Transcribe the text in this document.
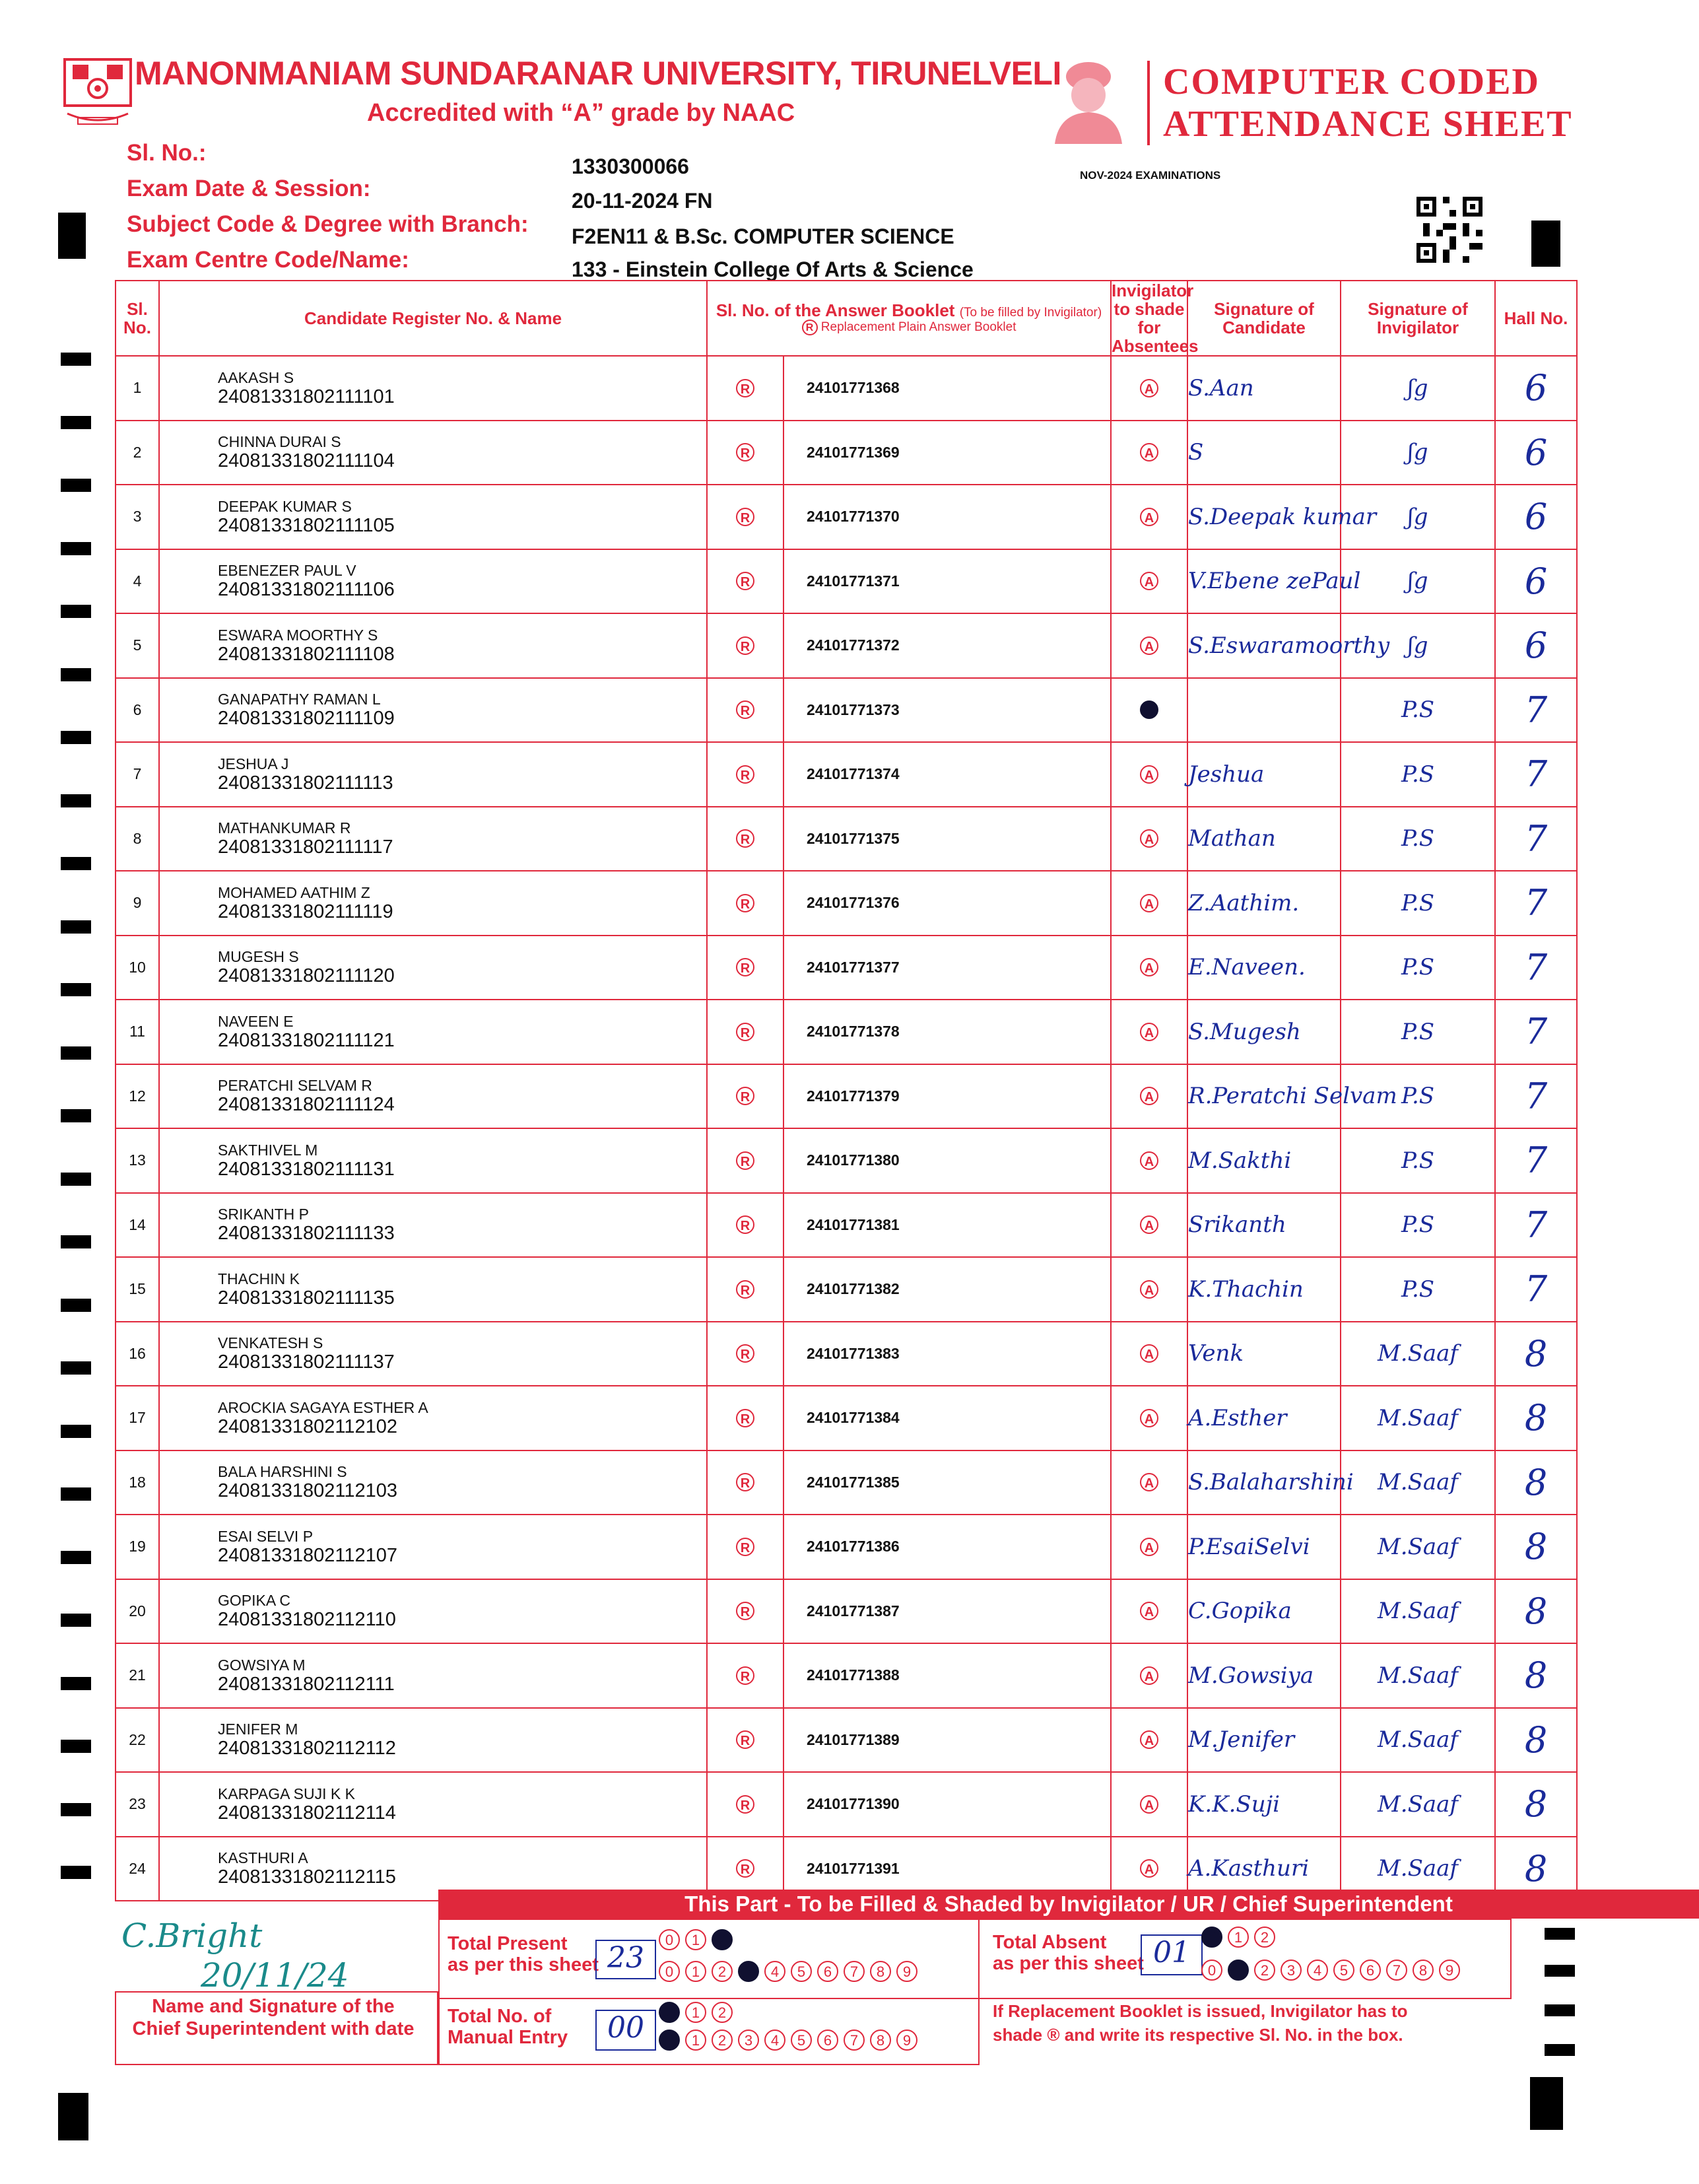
MANONMANIAM SUNDARANAR UNIVERSITY, TIRUNELVELI
Accredited with “A” grade by NAAC
COMPUTER CODED
ATTENDANCE SHEET
Sl. No.:
1330300066
Exam Date & Session:	20-11-2024 FN
Subject Code & Degree with Branch: F2EN11 & B.Sc. COMPUTER SCIENCE
Exam Centre Code/Name:	133 - Einstein College Of Arts & Science
NOV-2024 EXAMINATIONS
Sl. No.	Candidate Register No. & Name	Sl. No. of the Answer Booklet (To be filled by Invigilator)
R Replacement Plain Answer Booklet		Invigilator to shade for Absentees	Signature of Candidate	Signature of Invigilator	Hall No.
1	AAKASH S
24081331802111101	R	24101771368	A	S.Aan	ʃg	6
2	CHINNA DURAI S
24081331802111104	R	24101771369	A	S	ʃg	6
3	DEEPAK KUMAR S
24081331802111105	R	24101771370	A	S.Deepak kumar	ʃg	6
4	EBENEZER PAUL V
24081331802111106	R	24101771371	A	V.Ebene zePaul	ʃg	6
5	ESWARA MOORTHY S
24081331802111108	R	24101771372	A	S.Eswaramoorthy	ʃg	6
6	GANAPATHY RAMAN L
24081331802111109	R	24101771373	A		P.S	7
7	JESHUA J
24081331802111113	R	24101771374	A	Jeshua	P.S	7
8	MATHANKUMAR R
24081331802111117	R	24101771375	A	Mathan	P.S	7
9	MOHAMED AATHIM Z
24081331802111119	R	24101771376	A	Z.Aathim.	P.S	7
10	MUGESH S
24081331802111120	R	24101771377	A	E.Naveen.	P.S	7
11	NAVEEN E
24081331802111121	R	24101771378	A	S.Mugesh	P.S	7
12	PERATCHI SELVAM R
24081331802111124	R	24101771379	A	R.Peratchi Selvam	P.S	7
13	SAKTHIVEL M
24081331802111131	R	24101771380	A	M.Sakthi	P.S	7
14	SRIKANTH P
24081331802111133	R	24101771381	A	Srikanth	P.S	7
15	THACHIN K
24081331802111135	R	24101771382	A	K.Thachin	P.S	7
16	VENKATESH S
24081331802111137	R	24101771383	A	Venk	M.Saaf	8
17	AROCKIA SAGAYA ESTHER A
24081331802112102	R	24101771384	A	A.Esther	M.Saaf	8
18	BALA HARSHINI S
24081331802112103	R	24101771385	A	S.Balaharshini	M.Saaf	8
19	ESAI SELVI P
24081331802112107	R	24101771386	A	P.EsaiSelvi	M.Saaf	8
20	GOPIKA C
24081331802112110	R	24101771387	A	C.Gopika	M.Saaf	8
21	GOWSIYA M
24081331802112111	R	24101771388	A	M.Gowsiya	M.Saaf	8
22	JENIFER M
24081331802112112	R	24101771389	A	M.Jenifer	M.Saaf	8
23	KARPAGA SUJI K K
24081331802112114	R	24101771390	A	K.K.Suji	M.Saaf	8
24	KASTHURI A
24081331802112115	R	24101771391	A	A.Kasthuri	M.Saaf	8
This Part - To be Filled & Shaded by Invigilator / UR / Chief Superintendent
C.Bright
20/11/24
Name and Signature of the
Chief Superintendent with date
Total Present
as per this sheet 23
0	1	2
0	1	2	3	4	5	6	7	8	9
Total Absent
as per this sheet 01	0	1	2
0	1	2	3	4	5	6	7	8	9
Total No. of
Manual Entry	00	0	1	2
0	1	2	3	4	5	6	7	8	9
If Replacement Booklet is issued, Invigilator has to
shade ® and write its respective Sl. No. in the box.
